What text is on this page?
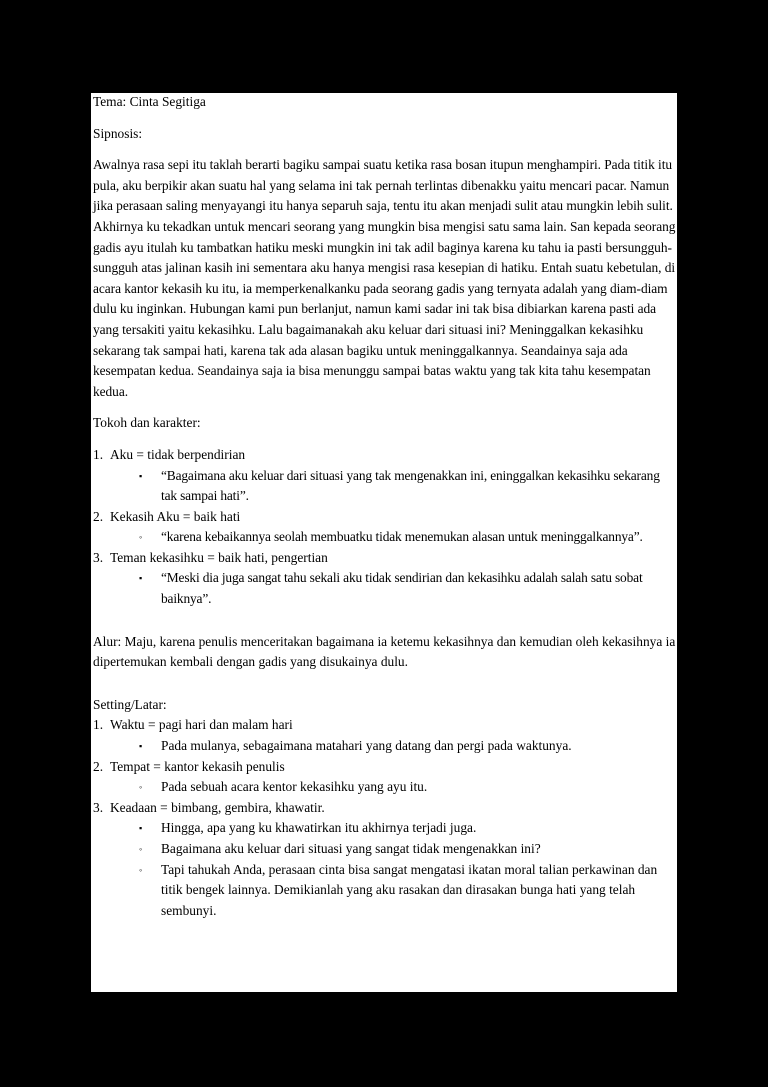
Tema: Cinta Segitiga

Sipnosis:

Awalnya rasa sepi itu taklah berarti bagiku sampai suatu ketika rasa bosan itupun menghampiri. Pada titik itu pula, aku berpikir akan suatu hal yang selama ini tak pernah terlintas dibenakku yaitu mencari pacar. Namun jika perasaan saling menyayangi itu hanya separuh saja, tentu itu akan menjadi sulit atau mungkin lebih sulit. Akhirnya ku tekadkan untuk mencari seorang yang mungkin bisa mengisi satu sama lain. San kepada seorang gadis ayu itulah ku tambatkan hatiku meski mungkin ini tak adil baginya karena ku tahu ia pasti bersungguh-sungguh atas jalinan kasih ini sementara aku hanya mengisi rasa kesepian di hatiku. Entah suatu kebetulan, di acara kantor kekasih ku itu, ia memperkenalkanku pada seorang gadis yang ternyata adalah yang diam-diam dulu ku inginkan. Hubungan kami pun berlanjut, namun kami sadar ini tak bisa dibiarkan karena pasti ada yang tersakiti yaitu kekasihku. Lalu bagaimanakah aku keluar dari situasi ini? Meninggalkan kekasihku sekarang tak sampai hati, karena tak ada alasan bagiku untuk meninggalkannya. Seandainya saja ada kesempatan kedua. Seandainya saja ia bisa menunggu sampai batas waktu yang tak kita tahu kesempatan kedua.

Tokoh dan karakter:

1. Aku = tidak berpendirian
▪ “Bagaimana aku keluar dari situasi yang tak mengenakkan ini, eninggalkan kekasihku sekarang tak sampai hati”.
2. Kekasih Aku = baik hati
◦ “karena kebaikannya seolah membuatku tidak menemukan alasan untuk meninggalkannya”.
3. Teman kekasihku = baik hati, pengertian
▪ “Meski dia juga sangat tahu sekali aku tidak sendirian dan kekasihku adalah salah satu sobat baiknya”.

Alur: Maju, karena penulis menceritakan bagaimana ia ketemu kekasihnya dan kemudian oleh kekasihnya ia dipertemukan kembali dengan gadis yang disukainya dulu.

Setting/Latar:

1. Waktu = pagi hari dan malam hari
▪ Pada mulanya, sebagaimana matahari yang datang dan pergi pada waktunya.
2. Tempat = kantor kekasih penulis
◦ Pada sebuah acara kentor kekasihku yang ayu itu.
3. Keadaan = bimbang, gembira, khawatir.
▪ Hingga, apa yang ku khawatirkan itu akhirnya terjadi juga.
◦ Bagaimana aku keluar dari situasi yang sangat tidak mengenakkan ini?
◦ Tapi tahukah Anda, perasaan cinta bisa sangat mengatasi ikatan moral talian perkawinan dan titik bengek lainnya. Demikianlah yang aku rasakan dan dirasakan bunga hati yang telah sembunyi.
